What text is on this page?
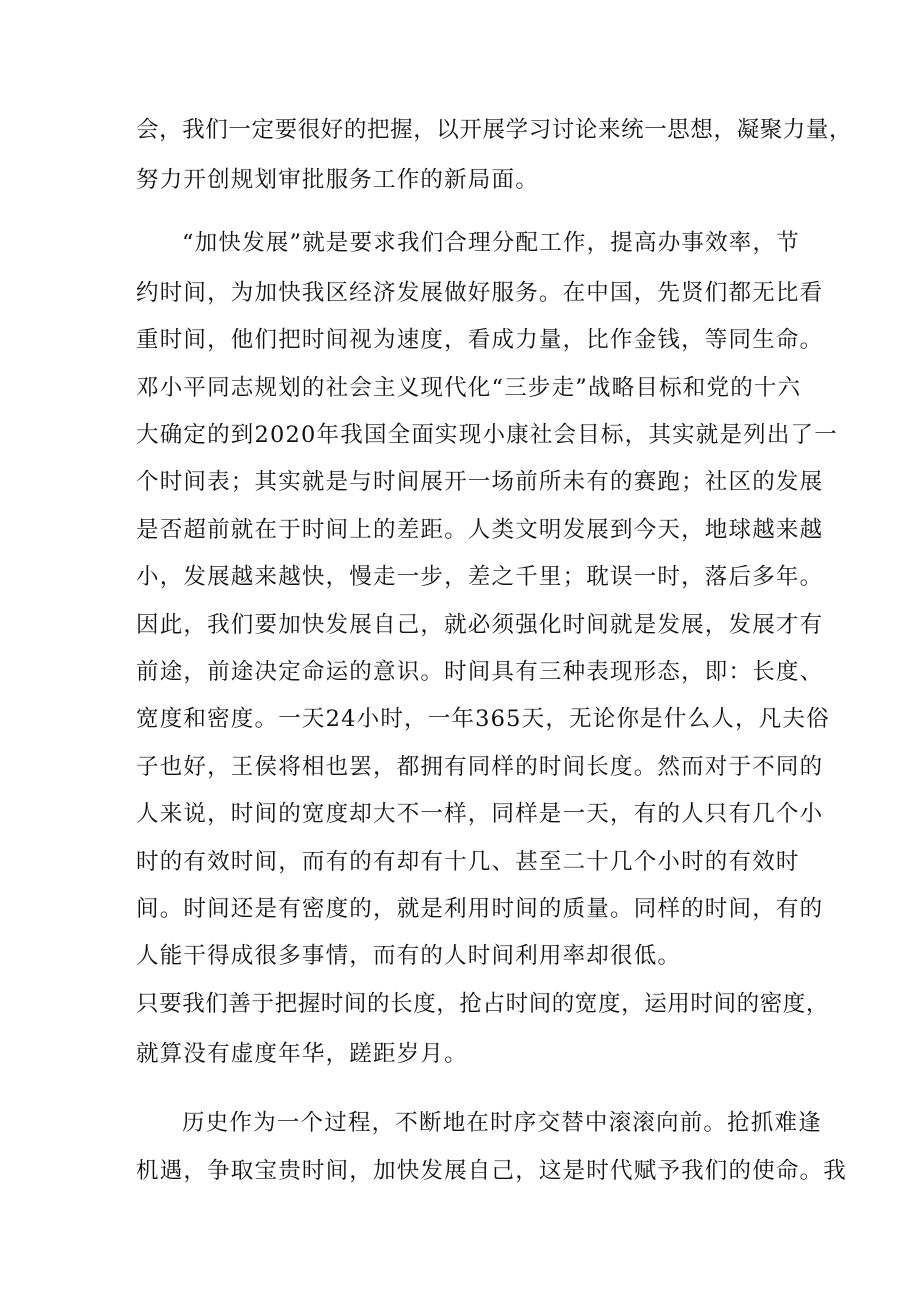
会，我们一定要很好的把握，以开展学习讨论来统一思想，凝聚力量，
努力开创规划审批服务工作的新局面。
“加快发展”就是要求我们合理分配工作，提高办事效率，节
约时间，为加快我区经济发展做好服务。在中国，先贤们都无比看
重时间，他们把时间视为速度，看成力量，比作金钱，等同生命。
邓小平同志规划的社会主义现代化“三步走”战略目标和党的十六
大确定的到2020年我国全面实现小康社会目标，其实就是列出了一
个时间表；其实就是与时间展开一场前所未有的赛跑；社区的发展
是否超前就在于时间上的差距。人类文明发展到今天，地球越来越
小，发展越来越快，慢走一步，差之千里；耽误一时，落后多年。
因此，我们要加快发展自己，就必须强化时间就是发展，发展才有
前途，前途决定命运的意识。时间具有三种表现形态，即：长度、
宽度和密度。一天24小时，一年365天，无论你是什么人，凡夫俗
子也好，王侯将相也罢，都拥有同样的时间长度。然而对于不同的
人来说，时间的宽度却大不一样，同样是一天，有的人只有几个小
时的有效时间，而有的有却有十几、甚至二十几个小时的有效时
间。时间还是有密度的，就是利用时间的质量。同样的时间，有的
人能干得成很多事情，而有的人时间利用率却很低。
只要我们善于把握时间的长度，抢占时间的宽度，运用时间的密度，
就算没有虚度年华，蹉距岁月。
历史作为一个过程，不断地在时序交替中滚滚向前。抢抓难逢
机遇，争取宝贵时间，加快发展自己，这是时代赋予我们的使命。我
